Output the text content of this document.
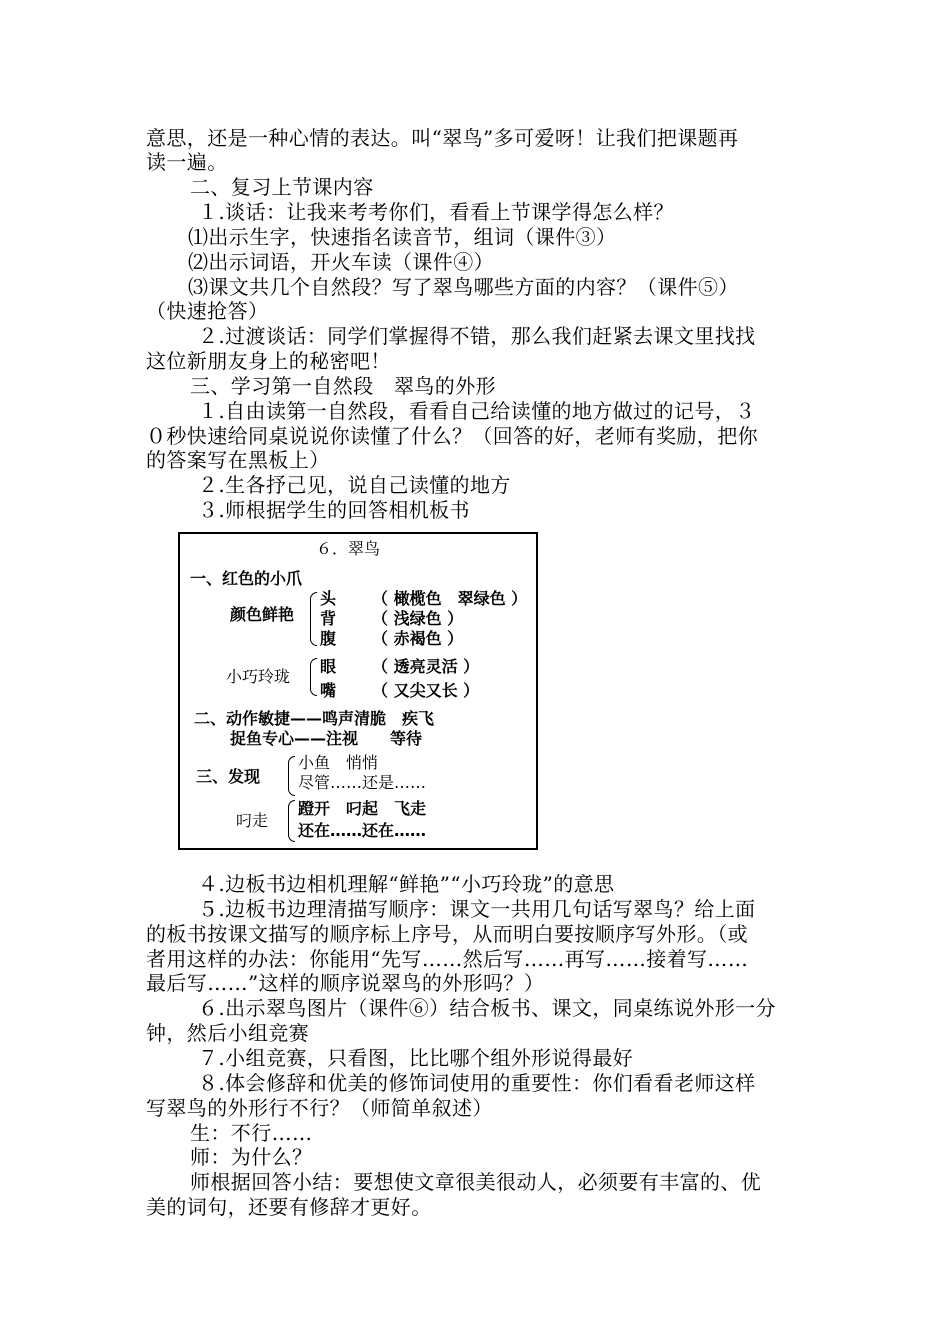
意思，还是一种心情的表达。叫“翠鸟”多可爱呀！让我们把课题再
读一遍。
二、复习上节课内容
１.谈话：让我来考考你们，看看上节课学得怎么样？
⑴出示生字，快速指名读音节，组词（课件③）
⑵出示词语，开火车读（课件④）
⑶课文共几个自然段？写了翠鸟哪些方面的内容？（课件⑤）
（快速抢答）
２.过渡谈话：同学们掌握得不错，那么我们赶紧去课文里找找
这位新朋友身上的秘密吧！
三、学习第一自然段　翠鸟的外形
１.自由读第一自然段，看看自己给读懂的地方做过的记号，３
０秒快速给同桌说说你读懂了什么？（回答的好，老师有奖励，把你
的答案写在黑板上）
２.生各抒己见，说自己读懂的地方
３.师根据学生的回答相机板书
６．翠鸟
一、红色的小爪
颜色鲜艳
头 （ 橄榄色　翠绿色 ）
背 （ 浅绿色 ）
腹 （ 赤褐色 ）
小巧玲珑
眼 （ 透亮灵活 ）
嘴 （ 又尖又长 ）
二、动作敏捷——鸣声清脆　疾飞
捉鱼专心——注视　　等待
三、发现
小鱼　悄悄
尽管……还是……
叼走
蹬开　叼起　飞走
还在……还在……
４.边板书边相机理解“鲜艳”“小巧玲珑”的意思
５.边板书边理清描写顺序：课文一共用几句话写翠鸟？给上面
的板书按课文描写的顺序标上序号，从而明白要按顺序写外形。（或
者用这样的办法：你能用“先写……然后写……再写……接着写……
最后写……”这样的顺序说翠鸟的外形吗？）
６.出示翠鸟图片（课件⑥）结合板书、课文，同桌练说外形一分
钟，然后小组竞赛
７.小组竞赛，只看图，比比哪个组外形说得最好
８.体会修辞和优美的修饰词使用的重要性：你们看看老师这样
写翠鸟的外形行不行？（师简单叙述）
生：不行……
师：为什么？
师根据回答小结：要想使文章很美很动人，必须要有丰富的、优
美的词句，还要有修辞才更好。
